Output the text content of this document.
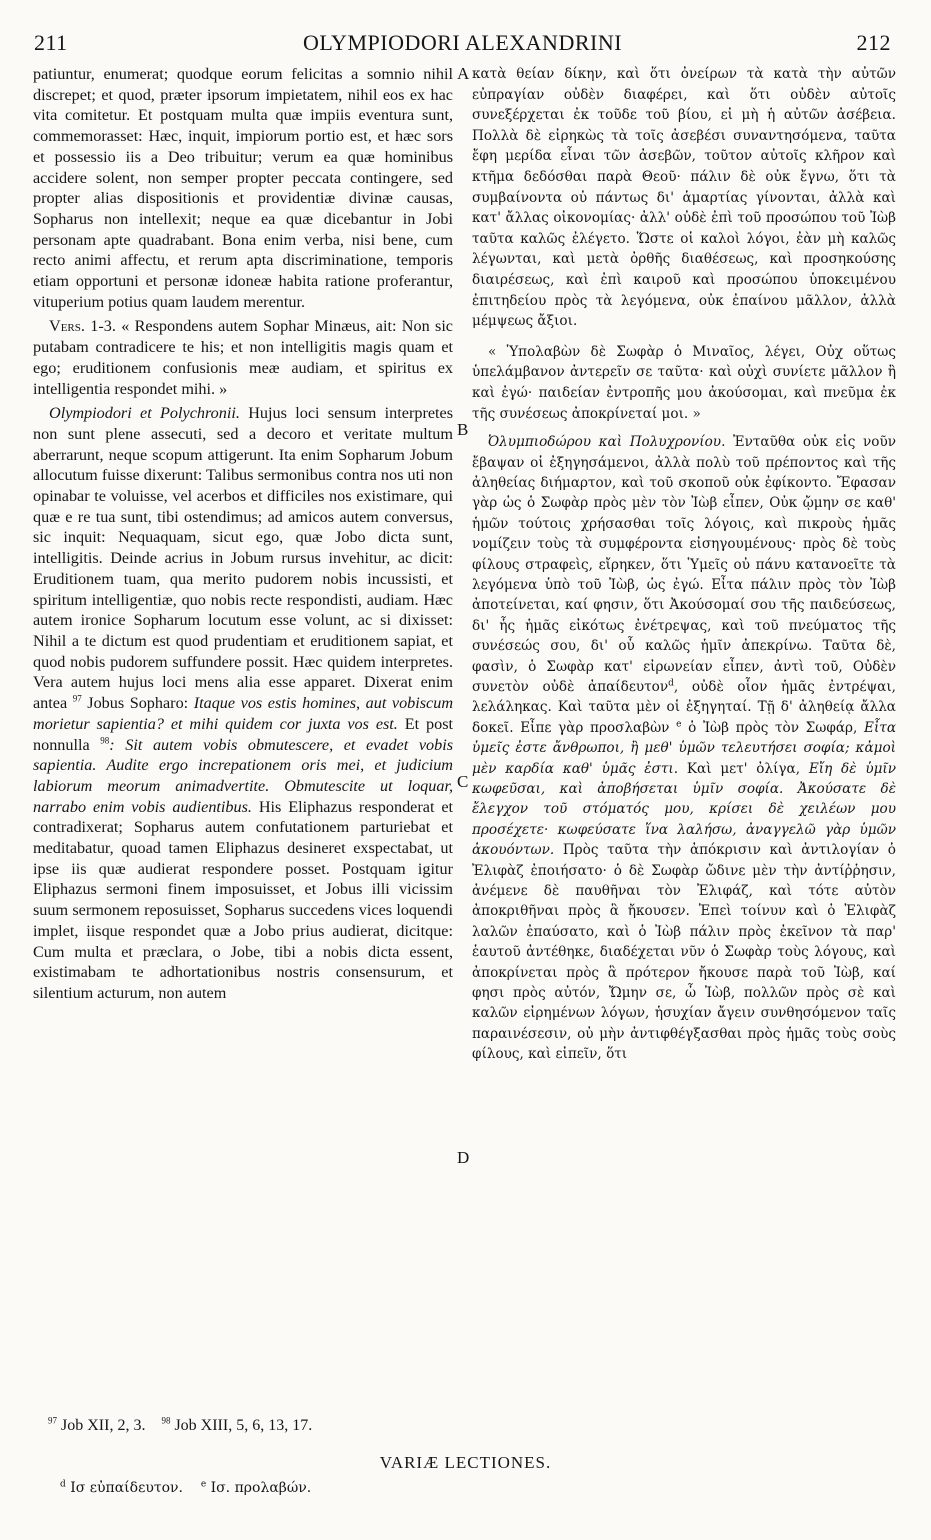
211	OLYMPIODORI ALEXANDRINI	212
A
B
C
D

patiuntur, enumerat; quodque eorum felicitas a somnio nihil discrepet; et quod, præter ipsorum impietatem, nihil eos ex hac vita comitetur. Et postquam multa quæ impiis eventura sunt, commemorasset: Hæc, inquit, impiorum portio est, et hæc sors et possessio iis a Deo tribuitur; verum ea quæ hominibus accidere solent, non semper propter peccata contingere, sed propter alias dispositionis et providentiæ divinæ causas, Sopharus non intellexit; neque ea quæ dicebantur in Jobi personam apte quadrabant. Bona enim verba, nisi bene, cum recto animi affectu, et rerum apta discriminatione, temporis etiam opportuni et personæ idoneæ habita ratione proferantur, vituperium potius quam laudem merentur.

Vers. 1-3. « Respondens autem Sophar Minæus, ait: Non sic putabam contradicere te his; et non intelligitis magis quam et ego; eruditionem confusionis meæ audiam, et spiritus ex intelligentia respondet mihi. »

Olympiodori et Polychronii. Hujus loci sensum interpretes non sunt plene assecuti, sed a decoro et veritate multum aberrarunt, neque scopum attigerunt. Ita enim Sopharum Jobum allocutum fuisse dixerunt: Talibus sermonibus contra nos uti non opinabar te voluisse, vel acerbos et difficiles nos existimare, qui quæ e re tua sunt, tibi ostendimus; ad amicos autem conversus, sic inquit: Nequaquam, sicut ego, quæ Jobo dicta sunt, intelligitis. Deinde acrius in Jobum rursus invehitur, ac dicit: Eruditionem tuam, qua merito pudorem nobis incussisti, et spiritum intelligentiæ, quo nobis recte respondisti, audiam. Hæc autem ironice Sopharum locutum esse volunt, ac si dixisset: Nihil a te dictum est quod prudentiam et eruditionem sapiat, et quod nobis pudorem suffundere possit. Hæc quidem interpretes. Vera autem hujus loci mens alia esse apparet. Dixerat enim antea $^{97}$ Jobus Sopharo: Itaque vos estis homines, aut vobiscum morietur sapientia? et mihi quidem cor juxta vos est. Et post nonnulla $^{98}$: Sit autem vobis obmutescere, et evadet vobis sapientia. Audite ergo increpationem oris mei, et judicium labiorum meorum animadvertite. Obmutescite ut loquar, narrabo enim vobis audientibus. His Eliphazus responderat et contradixerat; Sopharus autem confutationem parturiebat et meditabatur, quoad tamen Eliphazus desineret exspectabat, ut ipse iis quæ audierat respondere posset. Postquam igitur Eliphazus sermoni finem imposuisset, et Jobus illi vicissim suum sermonem reposuisset, Sopharus succedens vices loquendi implet, iisque respondet quæ a Jobo prius audierat, dicitque: Cum multa et præclara, o Jobe, tibi a nobis dicta essent, existimabam te adhortationibus nostris consensurum, et silentium acturum, non autem

κατὰ θείαν δίκην, καὶ ὅτι ὀνείρων τὰ κατὰ τὴν αὐτῶν εὐπραγίαν οὐδὲν διαφέρει, καὶ ὅτι οὐδὲν αὐτοῖς συνεξέρχεται ἐκ τοῦδε τοῦ βίου, εἰ μὴ ἡ αὐτῶν ἀσέβεια. Πολλὰ δὲ εἰρηκὼς τὰ τοῖς ἀσεβέσι συναντησόμενα, ταῦτα ἔφη μερίδα εἶναι τῶν ἀσεβῶν, τοῦτον αὐτοῖς κλῆρον καὶ κτῆμα δεδόσθαι παρὰ Θεοῦ· πάλιν δὲ οὐκ ἔγνω, ὅτι τὰ συμβαίνοντα οὐ πάντως δι' ἁμαρτίας γίνονται, ἀλλὰ καὶ κατ' ἄλλας οἰκονομίας· ἀλλ' οὐδὲ ἐπὶ τοῦ προσώπου τοῦ Ἰὼβ ταῦτα καλῶς ἐλέγετο. Ὥστε οἱ καλοὶ λόγοι, ἐὰν μὴ καλῶς λέγωνται, καὶ μετὰ ὀρθῆς διαθέσεως, καὶ προσηκούσης διαιρέσεως, καὶ ἐπὶ καιροῦ καὶ προσώπου ὑποκειμένου ἐπιτηδείου πρὸς τὰ λεγόμενα, οὐκ ἐπαίνου μᾶλλον, ἀλλὰ μέμψεως ἄξιοι.

« Ὑπολαβὼν δὲ Σωφὰρ ὁ Μιναῖος, λέγει, Οὐχ οὕτως ὑπελάμβανον ἀντερεῖν σε ταῦτα· καὶ οὐχὶ συνίετε μᾶλλον ἢ καὶ ἐγώ· παιδείαν ἐντροπῆς μου ἀκούσομαι, καὶ πνεῦμα ἐκ τῆς συνέσεως ἀποκρίνεταί μοι. »

Ὀλυμπιοδώρου καὶ Πολυχρονίου. Ἐνταῦθα οὐκ εἰς νοῦν ἔβαψαν οἱ ἐξηγησάμενοι, ἀλλὰ πολὺ τοῦ πρέποντος καὶ τῆς ἀληθείας διήμαρτον, καὶ τοῦ σκοποῦ οὐκ ἐφίκοντο. Ἔφασαν γὰρ ὡς ὁ Σωφὰρ πρὸς μὲν τὸν Ἰὼβ εἶπεν, Οὐκ ᾤμην σε καθ' ἡμῶν τούτοις χρήσασθαι τοῖς λόγοις, καὶ πικροὺς ἡμᾶς νομίζειν τοὺς τὰ συμφέροντα εἰσηγουμένους· πρὸς δὲ τοὺς φίλους στραφεὶς, εἴρηκεν, ὅτι Ὑμεῖς οὐ πάνυ κατανοεῖτε τὰ λεγόμενα ὑπὸ τοῦ Ἰὼβ, ὡς ἐγώ. Εἶτα πάλιν πρὸς τὸν Ἰὼβ ἀποτείνεται, καί φησιν, ὅτι Ἀκούσομαί σου τῆς παιδεύσεως, δι' ἧς ἡμᾶς εἰκότως ἐνέτρεψας, καὶ τοῦ πνεύματος τῆς συνέσεώς σου, δι' οὗ καλῶς ἡμῖν ἀπεκρίνω. Ταῦτα δὲ, φασὶν, ὁ Σωφὰρ κατ' εἰρωνείαν εἶπεν, ἀντὶ τοῦ, Οὐδὲν συνετὸν οὐδὲ ἀπαίδευτον$^d$, οὐδὲ οἷον ἡμᾶς ἐντρέψαι, λελάληκας. Καὶ ταῦτα μὲν οἱ ἐξηγηταί. Τῇ δ' ἀληθείᾳ ἄλλα δοκεῖ. Εἶπε γὰρ προσλαβὼν $^e$ ὁ Ἰὼβ πρὸς τὸν Σωφάρ, Εἶτα ὑμεῖς ἐστε ἄνθρωποι, ἢ μεθ' ὑμῶν τελευτήσει σοφία; κἀμοὶ μὲν καρδία καθ' ὑμᾶς ἐστι. Καὶ μετ' ὀλίγα, Εἴη δὲ ὑμῖν κωφεῦσαι, καὶ ἀποβήσεται ὑμῖν σοφία. Ἀκούσατε δὲ ἔλεγχον τοῦ στόματός μου, κρίσει δὲ χειλέων μου προσέχετε· κωφεύσατε ἵνα λαλήσω, ἀναγγελῶ γὰρ ὑμῶν ἀκουόντων. Πρὸς ταῦτα τὴν ἀπόκρισιν καὶ ἀντιλογίαν ὁ Ἐλιφὰζ ἐποιήσατο· ὁ δὲ Σωφὰρ ὤδινε μὲν τὴν ἀντίῤῥησιν, ἀνέμενε δὲ παυθῆναι τὸν Ἐλιφάζ, καὶ τότε αὐτὸν ἀποκριθῆναι πρὸς ἃ ἤκουσεν. Ἐπεὶ τοίνυν καὶ ὁ Ἐλιφὰζ λαλῶν ἐπαύσατο, καὶ ὁ Ἰὼβ πάλιν πρὸς ἐκεῖνον τὰ παρ' ἑαυτοῦ ἀντέθηκε, διαδέχεται νῦν ὁ Σωφὰρ τοὺς λόγους, καὶ ἀποκρίνεται πρὸς ἃ πρότερον ἤκουσε παρὰ τοῦ Ἰὼβ, καί φησι πρὸς αὐτόν, Ὤμην σε, ὦ Ἰὼβ, πολλῶν πρὸς σὲ καὶ καλῶν εἰρημένων λόγων, ἡσυχίαν ἄγειν συνθησόμενον ταῖς παραινέσεσιν, οὐ μὴν ἀντιφθέγξασθαι πρὸς ἡμᾶς τοὺς σοὺς φίλους, καὶ εἰπεῖν, ὅτι

$^{97}$ Job XII, 2, 3. $^{98}$ Job XIII, 5, 6, 13, 17.
VARIÆ LECTIONES.
$^d$ Ισ εὐπαίδευτον. $^e$ Ισ. προλαβών.
